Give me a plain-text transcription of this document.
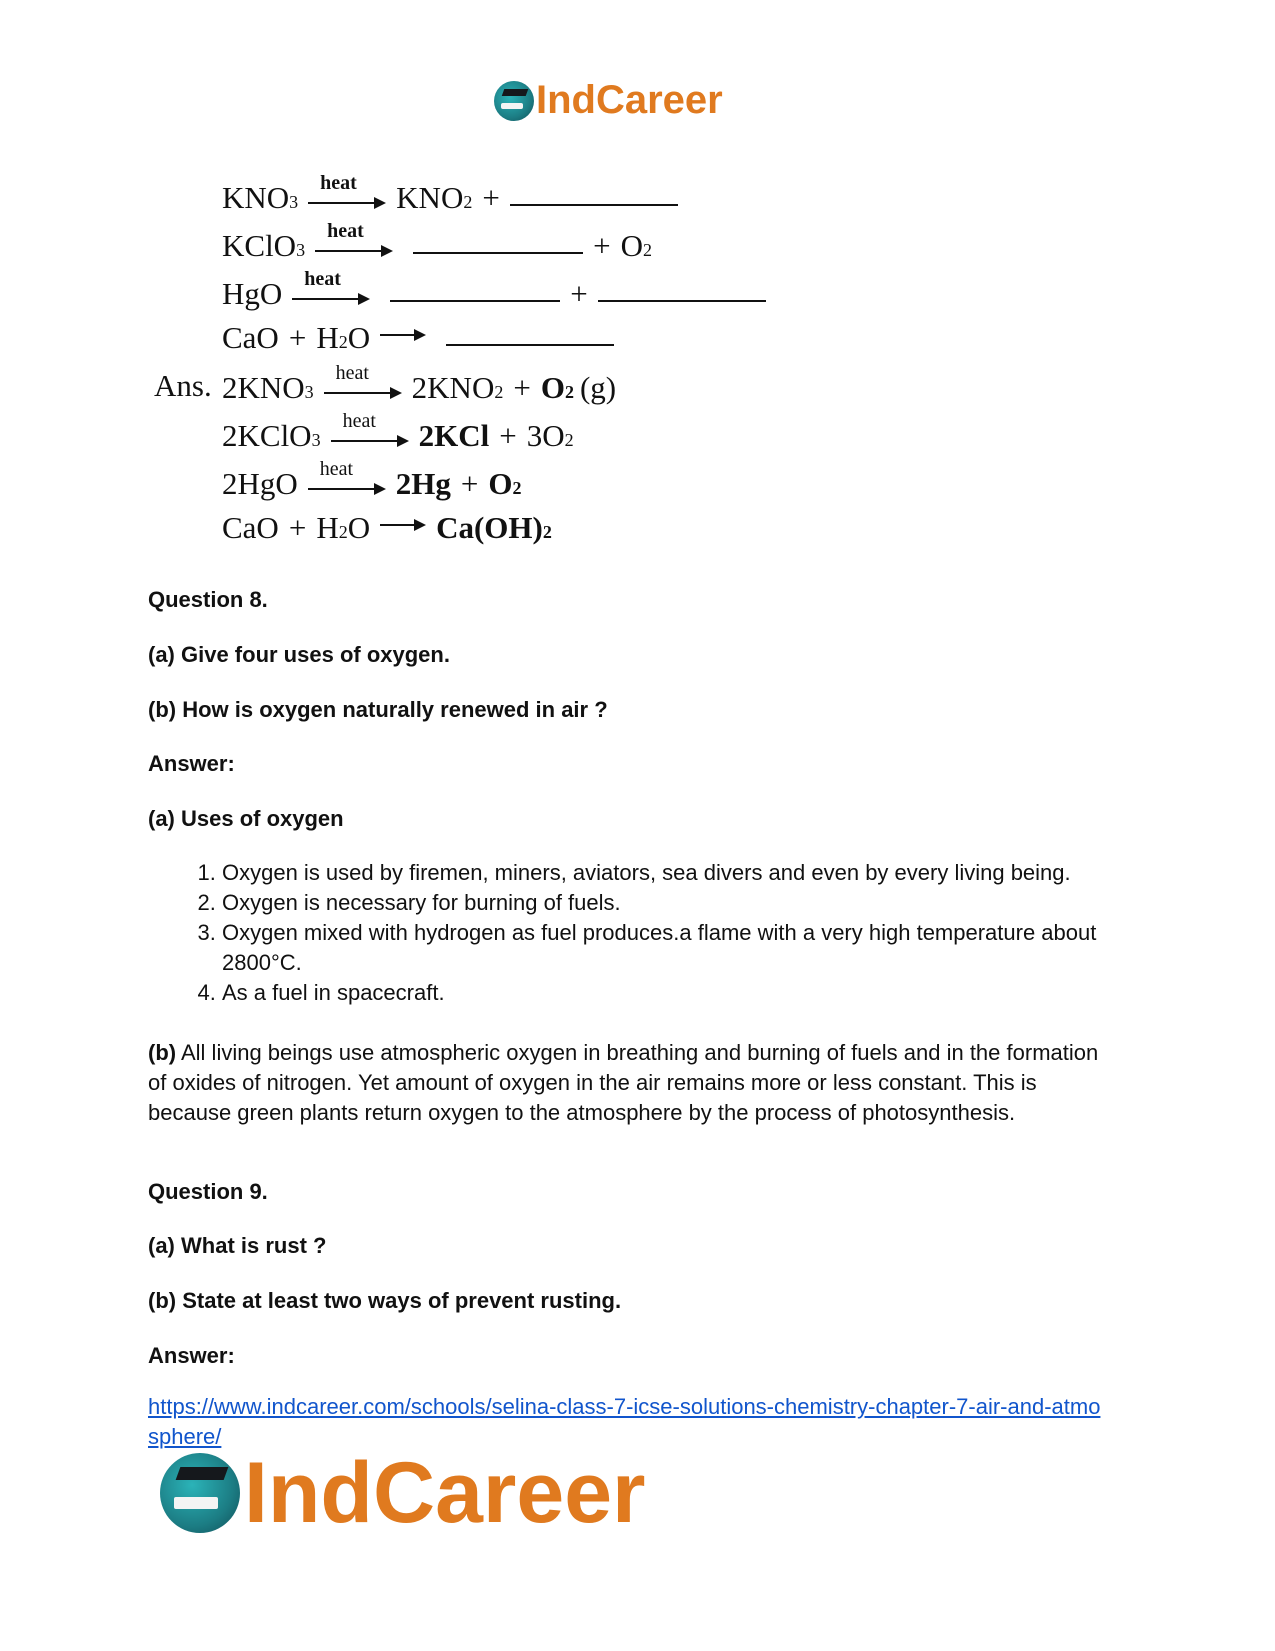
IndCareer
KNO 3
heat KNO 2 +
KClO 3
heat	+ O 2
HgO heat	+
CaO + H 2 O
Ans. 2KNO 3
heat 2KNO 2 + O 2 (g)
2KClO 3
heat 2KCl + 3O 2
2HgO heat 2Hg + O 2
CaO + H 2 O Ca(OH) 2
Question 8.
(a) Give four uses of oxygen.
(b) How is oxygen naturally renewed in air ?
Answer:
(a) Uses of oxygen
1. Oxygen is used by firemen, miners, aviators, sea divers and even by every living being.
2. Oxygen is necessary for burning of fuels.
3. Oxygen mixed with hydrogen as fuel produces.a flame with a very high temperature about 2800°C.
4. As a fuel in spacecraft.
(b) All living beings use atmospheric oxygen in breathing and burning of fuels and in the formation of oxides of nitrogen. Yet amount of oxygen in the air remains more or less constant. This is because green plants return oxygen to the atmosphere by the process of photosynthesis.
Question 9.
(a) What is rust ?
(b) State at least two ways of prevent rusting.
Answer:
https://www.indcareer.com/schools/selina-class-7-icse-solutions-chemistry-chapter-7-air-and-atmosphere/
IndCareer
